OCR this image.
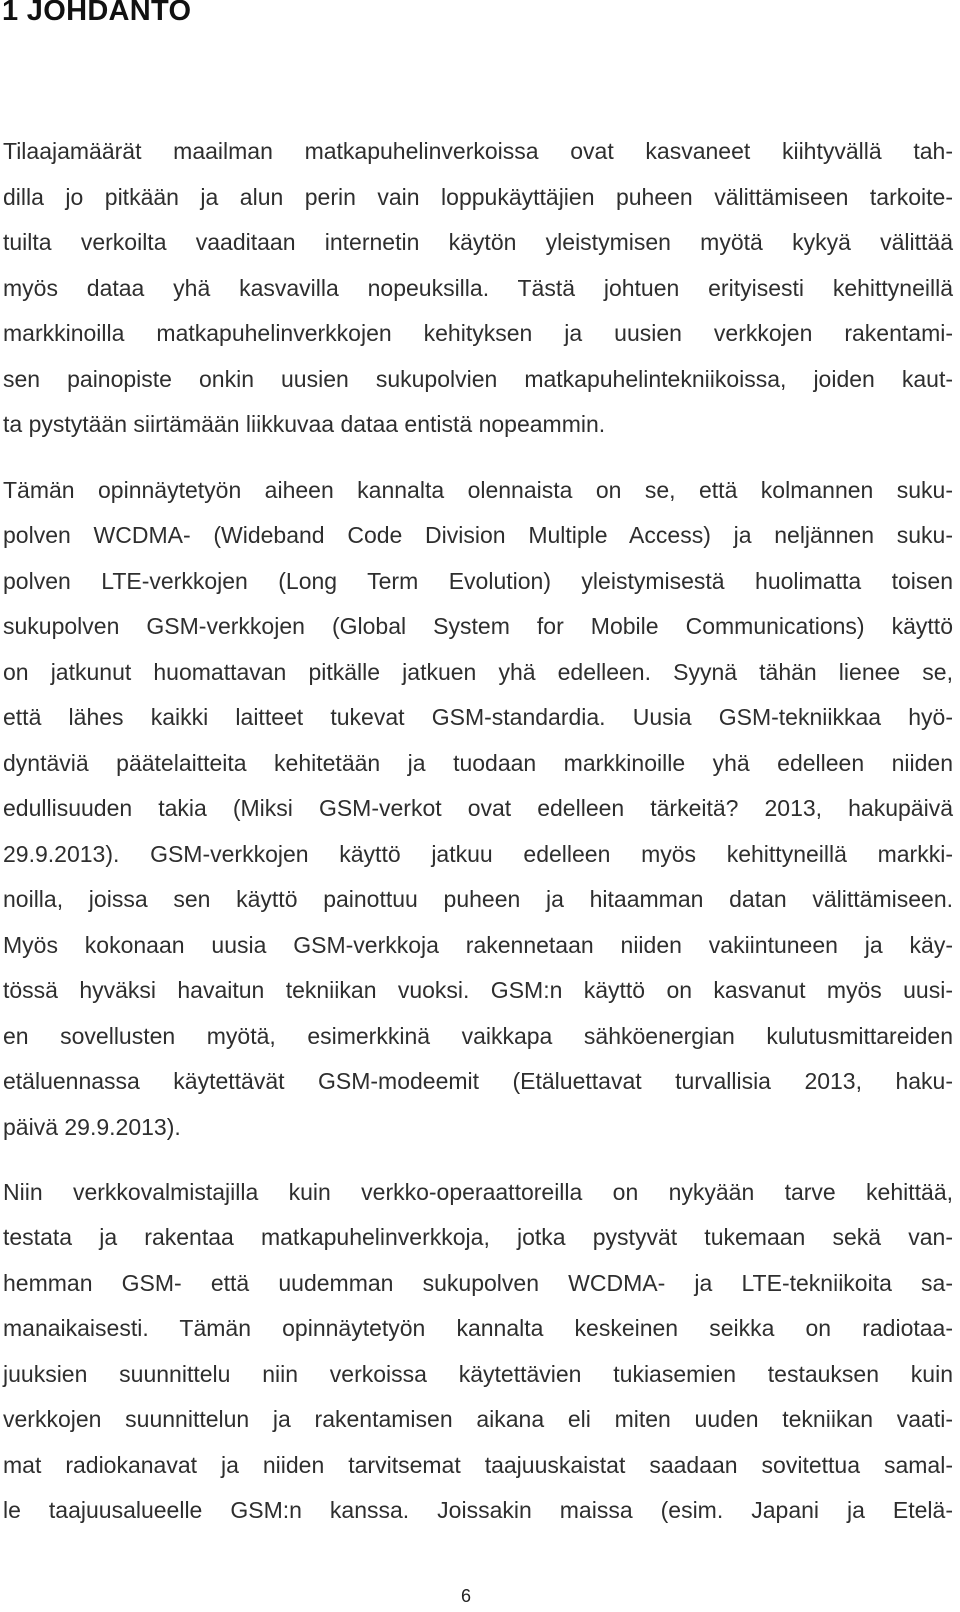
1 JOHDANTO
Tilaajamäärät maailman matkapuhelinverkoissa ovat kasvaneet kiihtyvällä tah-
dilla jo pitkään ja alun perin vain loppukäyttäjien puheen välittämiseen tarkoite-
tuilta verkoilta vaaditaan internetin käytön yleistymisen myötä kykyä välittää
myös dataa yhä kasvavilla nopeuksilla. Tästä johtuen erityisesti kehittyneillä
markkinoilla matkapuhelinverkkojen kehityksen ja uusien verkkojen rakentami-
sen painopiste onkin uusien sukupolvien matkapuhelintekniikoissa, joiden kaut-
ta pystytään siirtämään liikkuvaa dataa entistä nopeammin.
Tämän opinnäytetyön aiheen kannalta olennaista on se, että kolmannen suku-
polven WCDMA- (Wideband Code Division Multiple Access) ja neljännen suku-
polven LTE-verkkojen (Long Term Evolution) yleistymisestä huolimatta toisen
sukupolven GSM-verkkojen (Global System for Mobile Communications) käyttö
on jatkunut huomattavan pitkälle jatkuen yhä edelleen. Syynä tähän lienee se,
että lähes kaikki laitteet tukevat GSM-standardia. Uusia GSM-tekniikkaa hyö-
dyntäviä päätelaitteita kehitetään ja tuodaan markkinoille yhä edelleen niiden
edullisuuden takia (Miksi GSM-verkot ovat edelleen tärkeitä? 2013, hakupäivä
29.9.2013). GSM-verkkojen käyttö jatkuu edelleen myös kehittyneillä markki-
noilla, joissa sen käyttö painottuu puheen ja hitaamman datan välittämiseen.
Myös kokonaan uusia GSM-verkkoja rakennetaan niiden vakiintuneen ja käy-
tössä hyväksi havaitun tekniikan vuoksi. GSM:n käyttö on kasvanut myös uusi-
en sovellusten myötä, esimerkkinä vaikkapa sähköenergian kulutusmittareiden
etäluennassa käytettävät GSM-modeemit (Etäluettavat turvallisia 2013, haku-
päivä 29.9.2013).
Niin verkkovalmistajilla kuin verkko-operaattoreilla on nykyään tarve kehittää,
testata ja rakentaa matkapuhelinverkkoja, jotka pystyvät tukemaan sekä van-
hemman GSM- että uudemman sukupolven WCDMA- ja LTE-tekniikoita sa-
manaikaisesti. Tämän opinnäytetyön kannalta keskeinen seikka on radiotaa-
juuksien suunnittelu niin verkoissa käytettävien tukiasemien testauksen kuin
verkkojen suunnittelun ja rakentamisen aikana eli miten uuden tekniikan vaati-
mat radiokanavat ja niiden tarvitsemat taajuuskaistat saadaan sovitettua samal-
le taajuusalueelle GSM:n kanssa. Joissakin maissa (esim. Japani ja Etelä-
6
